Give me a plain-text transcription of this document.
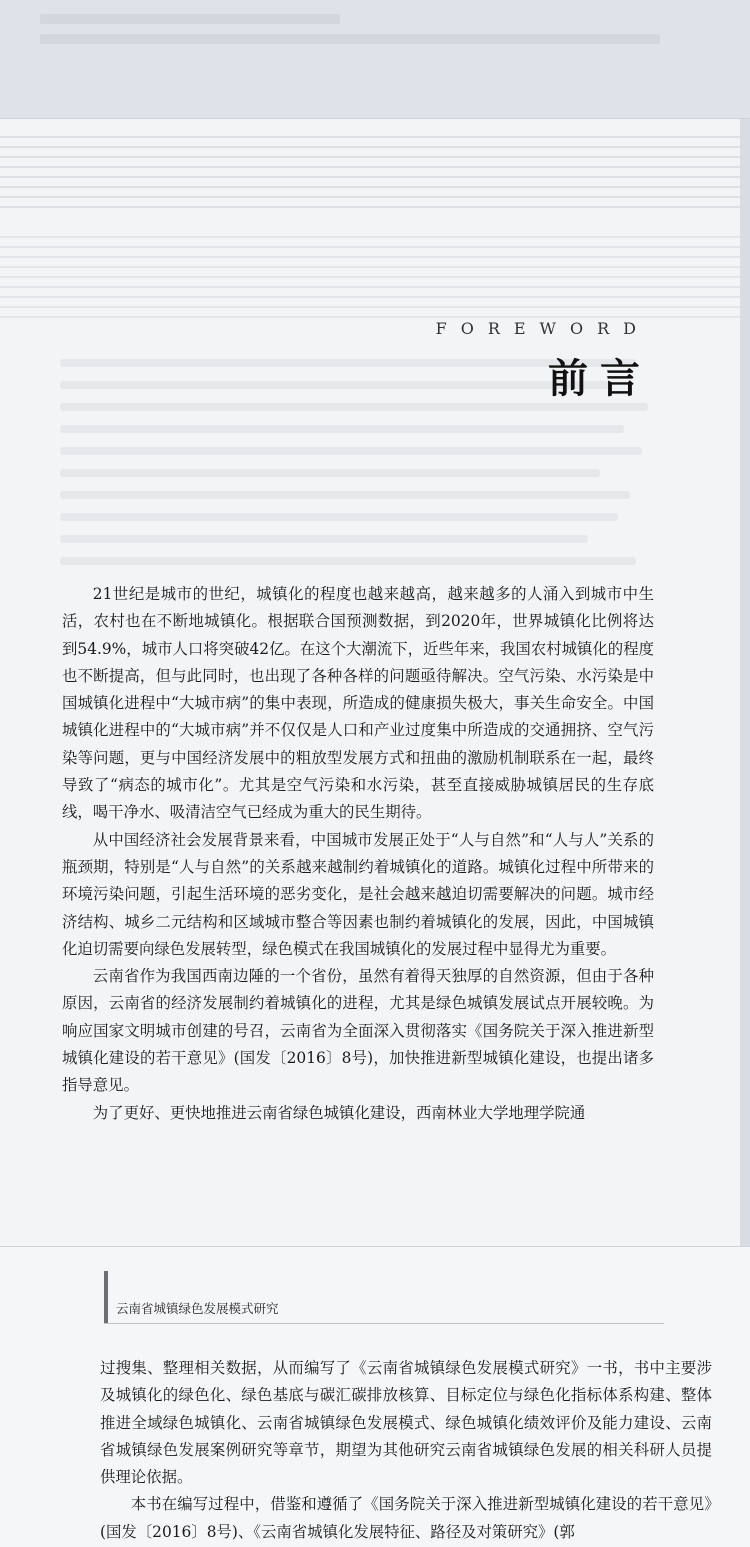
FOREWORD
前言

21世纪是城市的世纪，城镇化的程度也越来越高，越来越多的人涌入到城市中生活，农村也在不断地城镇化。根据联合国预测数据，到2020年，世界城镇化比例将达到54.9%，城市人口将突破42亿。在这个大潮流下，近些年来，我国农村城镇化的程度也不断提高，但与此同时，也出现了各种各样的问题亟待解决。空气污染、水污染是中国城镇化进程中“大城市病”的集中表现，所造成的健康损失极大，事关生命安全。中国城镇化进程中的“大城市病”并不仅仅是人口和产业过度集中所造成的交通拥挤、空气污染等问题，更与中国经济发展中的粗放型发展方式和扭曲的激励机制联系在一起，最终导致了“病态的城市化”。尤其是空气污染和水污染，甚至直接威胁城镇居民的生存底线，喝干净水、吸清洁空气已经成为重大的民生期待。

从中国经济社会发展背景来看，中国城市发展正处于“人与自然”和“人与人”关系的瓶颈期，特别是“人与自然”的关系越来越制约着城镇化的道路。城镇化过程中所带来的环境污染问题，引起生活环境的恶劣变化，是社会越来越迫切需要解决的问题。城市经济结构、城乡二元结构和区域城市整合等因素也制约着城镇化的发展，因此，中国城镇化迫切需要向绿色发展转型，绿色模式在我国城镇化的发展过程中显得尤为重要。

云南省作为我国西南边陲的一个省份，虽然有着得天独厚的自然资源，但由于各种原因，云南省的经济发展制约着城镇化的进程，尤其是绿色城镇发展试点开展较晚。为响应国家文明城市创建的号召，云南省为全面深入贯彻落实《国务院关于深入推进新型城镇化建设的若干意见》(国发〔2016〕8号)，加快推进新型城镇化建设，也提出诸多指导意见。

为了更好、更快地推进云南省绿色城镇化建设，西南林业大学地理学院通

云南省城镇绿色发展模式研究

过搜集、整理相关数据，从而编写了《云南省城镇绿色发展模式研究》一书，书中主要涉及城镇化的绿色化、绿色基底与碳汇碳排放核算、目标定位与绿色化指标体系构建、整体推进全域绿色城镇化、云南省城镇绿色发展模式、绿色城镇化绩效评价及能力建设、云南省城镇绿色发展案例研究等章节，期望为其他研究云南省城镇绿色发展的相关科研人员提供理论依据。

本书在编写过程中，借鉴和遵循了《国务院关于深入推进新型城镇化建设的若干意见》(国发〔2016〕8号)、《云南省城镇化发展特征、路径及对策研究》(郭
